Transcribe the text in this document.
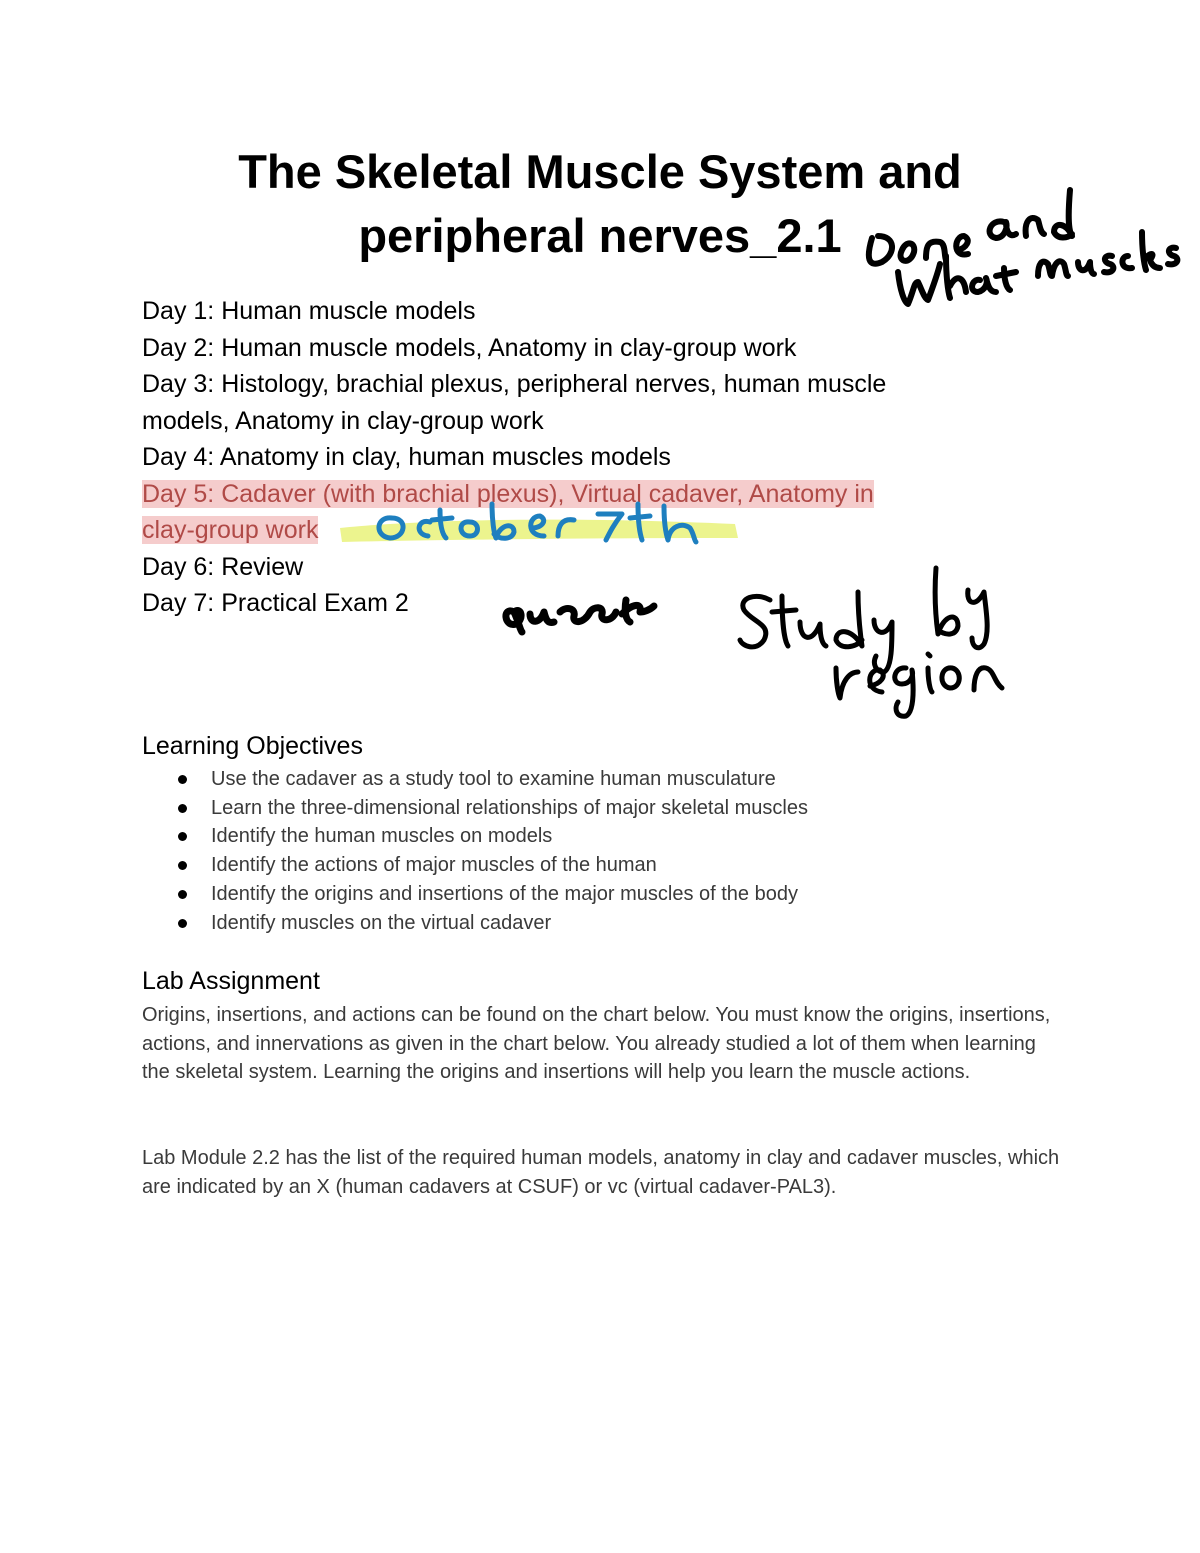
The Skeletal Muscle System and
peripheral nerves_2.1
Day 1: Human muscle models
Day 2: Human muscle models, Anatomy in clay-group work
Day 3: Histology, brachial plexus, peripheral nerves, human muscle
models, Anatomy in clay-group work
Day 4: Anatomy in clay, human muscles models
Day 5: Cadaver (with brachial plexus), Virtual cadaver, Anatomy in
clay-group work
Day 6: Review
Day 7: Practical Exam 2
Learning Objectives
Use the cadaver as a study tool to examine human musculature
Learn the three-dimensional relationships of major skeletal muscles
Identify the human muscles on models
Identify the actions of major muscles of the human
Identify the origins and insertions of the major muscles of the body
Identify muscles on the virtual cadaver
Lab Assignment

Origins, insertions, and actions can be found on the chart below. You must know the origins, insertions, actions, and innervations as given in the chart below. You already studied a lot of them when learning the skeletal system. Learning the origins and insertions will help you learn the muscle actions.

Lab Module 2.2 has the list of the required human models, anatomy in clay and cadaver muscles, which are indicated by an X (human cadavers at CSUF) or vc (virtual cadaver-PAL3).
